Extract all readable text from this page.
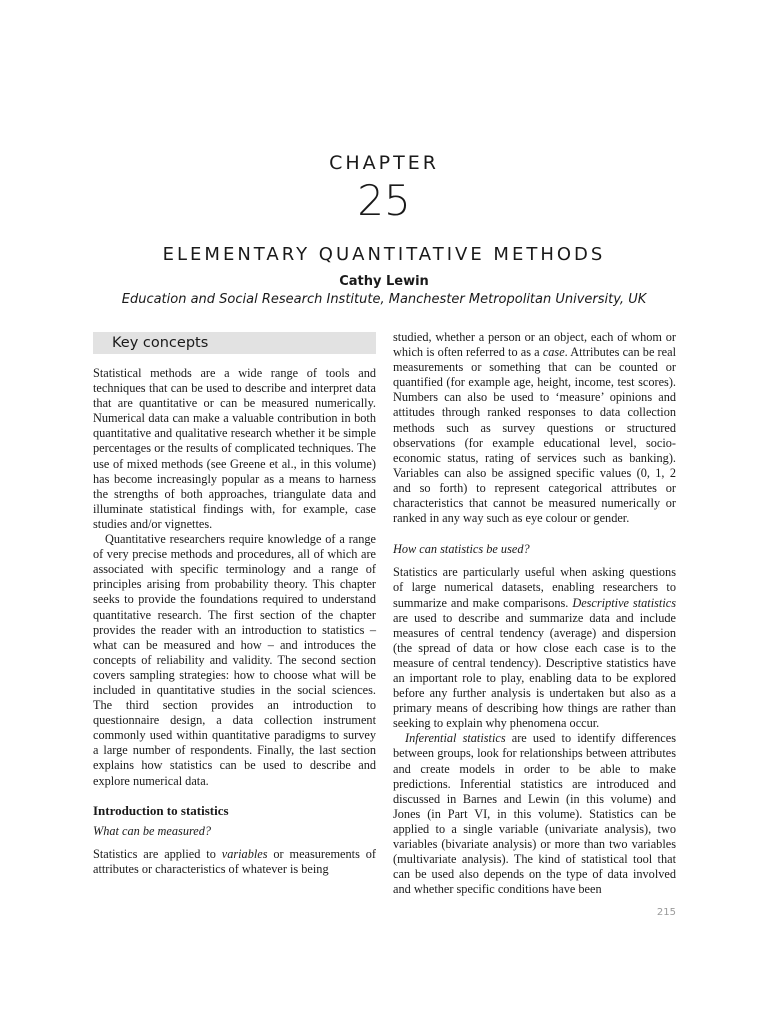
CHAPTER
25
ELEMENTARY QUANTITATIVE METHODS
Cathy Lewin
Education and Social Research Institute, Manchester Metropolitan University, UK
Key concepts

Statistical methods are a wide range of tools and techniques that can be used to describe and interpret data that are quantitative or can be measured numerically. Numerical data can make a valuable contribution in both quantitative and qualitative research whether it be simple percentages or the results of complicated techniques. The use of mixed methods (see Greene et al., in this volume) has become increasingly popular as a means to harness the strengths of both approaches, triangulate data and illuminate statistical findings with, for example, case studies and/or vignettes.

Quantitative researchers require knowledge of a range of very precise methods and procedures, all of which are associated with specific terminology and a range of principles arising from probability theory. This chapter seeks to provide the foundations required to understand quantitative research. The first section of the chapter provides the reader with an introduction to statistics – what can be measured and how – and introduces the concepts of reliability and validity. The second section covers sampling strategies: how to choose what will be included in quantitative studies in the social sciences. The third section provides an introduction to questionnaire design, a data collection instrument commonly used within quantitative paradigms to survey a large number of respondents. Finally, the last section explains how statistics can be used to describe and explore numerical data.

Introduction to statistics
What can be measured?

Statistics are applied to variables or measurements of attributes or characteristics of whatever is being

studied, whether a person or an object, each of whom or which is often referred to as a case. Attributes can be real measurements or something that can be counted or quantified (for example age, height, income, test scores). Numbers can also be used to ‘measure’ opinions and attitudes through ranked responses to data collection methods such as survey questions or structured observations (for example educational level, socio-economic status, rating of services such as banking). Variables can also be assigned specific values (0, 1, 2 and so forth) to represent categorical attributes or characteristics that cannot be measured numerically or ranked in any way such as eye colour or gender.

How can statistics be used?

Statistics are particularly useful when asking questions of large numerical datasets, enabling researchers to summarize and make comparisons. Descriptive statistics are used to describe and summarize data and include measures of central tendency (average) and dispersion (the spread of data or how close each case is to the measure of central tendency). Descriptive statistics have an important role to play, enabling data to be explored before any further analysis is undertaken but also as a primary means of describing how things are rather than seeking to explain why phenomena occur.

Inferential statistics are used to identify differences between groups, look for relationships between attributes and create models in order to be able to make predictions. Inferential statistics are introduced and discussed in Barnes and Lewin (in this volume) and Jones (in Part VI, in this volume). Statistics can be applied to a single variable (univariate analysis), two variables (bivariate analysis) or more than two variables (multivariate analysis). The kind of statistical tool that can be used also depends on the type of data involved and whether specific conditions have been

215
